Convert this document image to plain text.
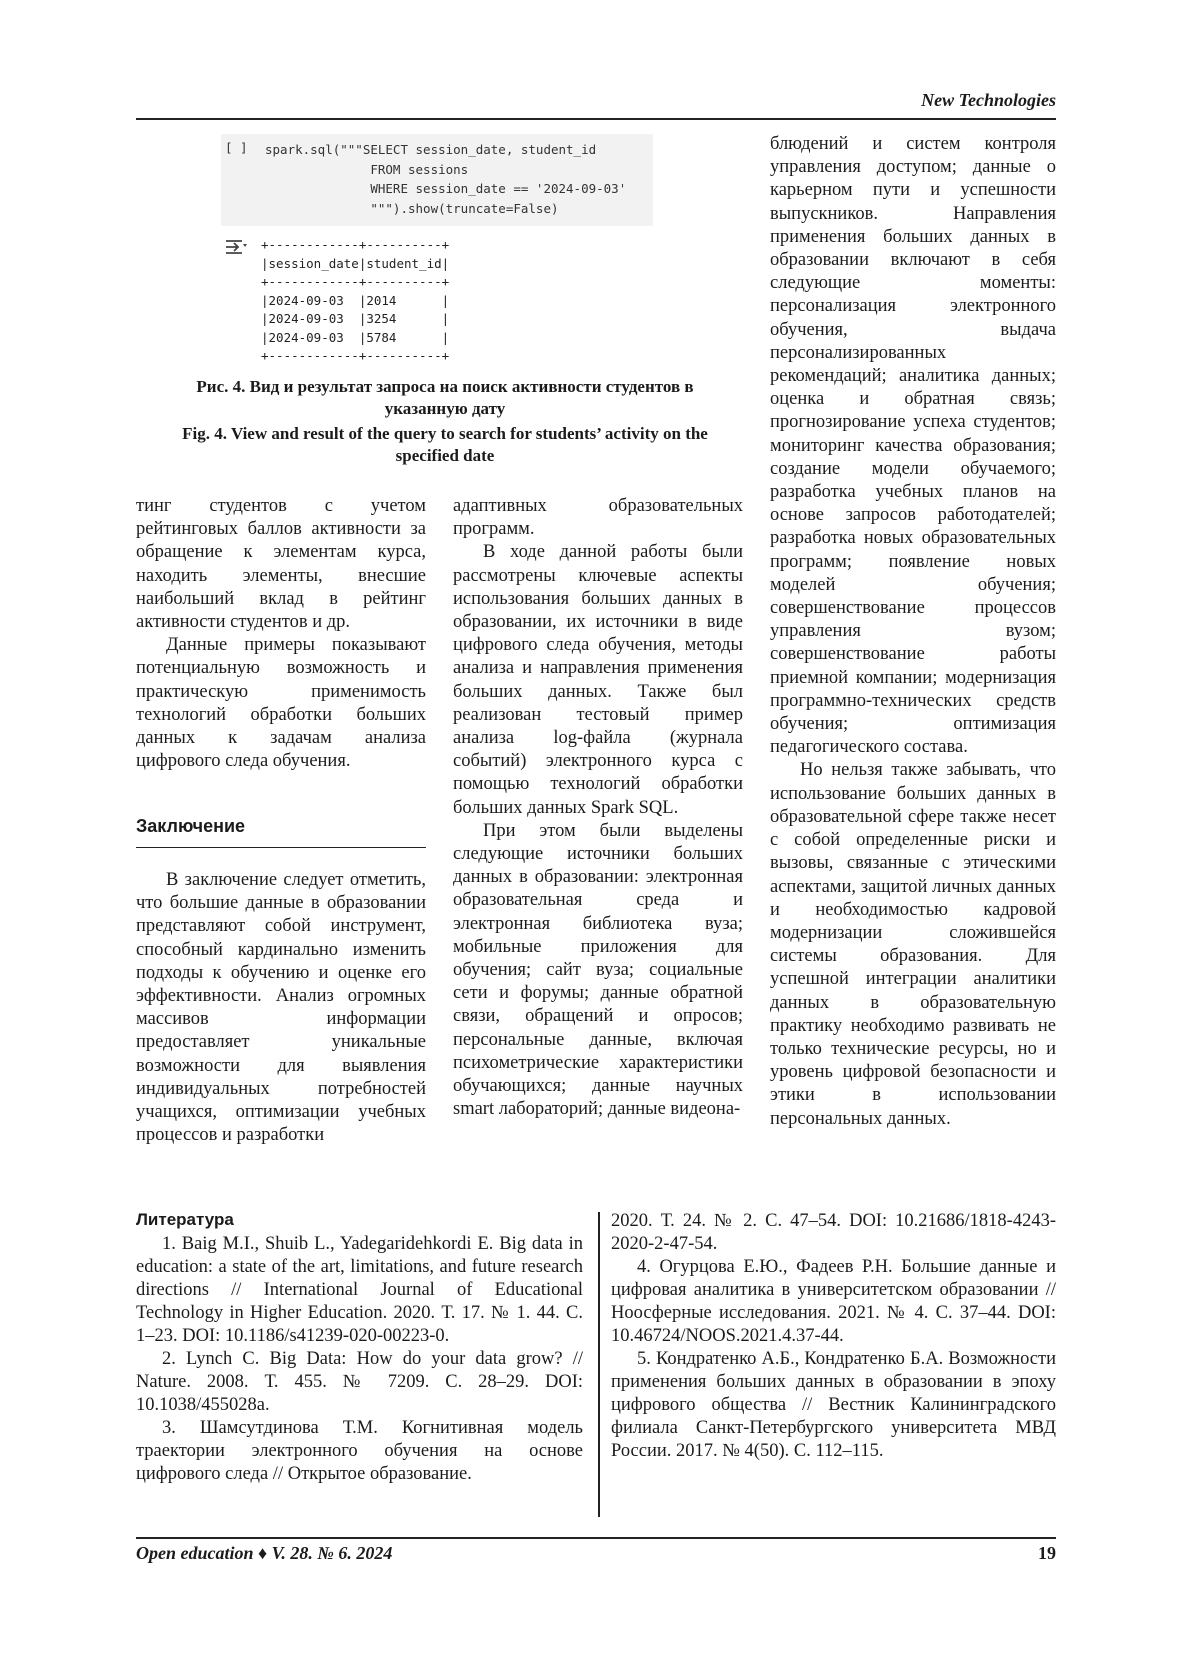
New Technologies
[ ] spark.sql("""SELECT session_date, student_id
FROM sessions
WHERE session_date == '2024-09-03'
""").show(truncate=False)
+------------+----------+
|session_date|student_id|
+------------+----------+
|2024-09-03  |2014      |
|2024-09-03  |3254      |
|2024-09-03  |5784      |
+------------+----------+
Рис. 4. Вид и результат запроса на поиск активности студентов в
указанную дату
Fig. 4. View and result of the query to search for students’ activity on the
specified date

тинг студентов с учетом рейтинговых баллов активности за обращение к элементам курса, находить элементы, внесшие наибольший вклад в рейтинг активности студентов и др.

Данные примеры показывают потенциальную возможность и практическую применимость технологий обработки больших данных к задачам анализа цифрового следа обучения.

Заключение

В заключение следует отметить, что большие данные в образовании представляют собой инструмент, способный кардинально изменить подходы к обучению и оценке его эффективности. Анализ огромных массивов информации предоставляет уникальные возможности для выявления индивидуальных потребностей учащихся, оптимизации учебных процессов и разработки

адаптивных образовательных программ.

В ходе данной работы были рассмотрены ключевые аспекты использования больших данных в образовании, их источники в виде цифрового следа обучения, методы анализа и направления применения больших данных. Также был реализован тестовый пример анализа log-файла (журнала событий) электронного курса с помощью технологий обработки больших данных Spark SQL.

При этом были выделены следующие источники больших данных в образовании: электронная образовательная среда и электронная библиотека вуза; мобильные приложения для обучения; сайт вуза; социальные сети и форумы; данные обратной связи, обращений и опросов; персональные данные, включая психометрические характеристики обучающихся; данные научных smart лабораторий; данные видеона-

блюдений и систем контроля управления доступом; данные о карьерном пути и успешности выпускников. Направления применения больших данных в образовании включают в себя следующие моменты: персонализация электронного обучения, выдача персонализированных рекомендаций; аналитика данных; оценка и обратная связь; прогнозирование успеха студентов; мониторинг качества образования; создание модели обучаемого; разработка учебных планов на основе запросов работодателей; разработка новых образовательных программ; появление новых моделей обучения; совершенствование процессов управления вузом; совершенствование работы приемной компании; модернизация программно-технических средств обучения; оптимизация педагогического состава.

Но нельзя также забывать, что использование больших данных в образовательной сфере также несет с собой определенные риски и вызовы, связанные с этическими аспектами, защитой личных данных и необходимостью кадровой модернизации сложившейся системы образования. Для успешной интеграции аналитики данных в образовательную практику необходимо развивать не только технические ресурсы, но и уровень цифровой безопасности и этики в использовании персональных данных.

Литература

1. Baig M.I., Shuib L., Yadegaridehkordi E. Big data in education: a state of the art, limitations, and future research directions // International Journal of Educational Technology in Higher Education. 2020. Т. 17. № 1. 44. С. 1–23. DOI: 10.1186/s41239-020-00223-0.

2. Lynch C. Big Data: How do your data grow? // Nature. 2008. Т. 455. № 7209. С. 28–29. DOI: 10.1038/455028a.

3. Шамсутдинова Т.М. Когнитивная модель траектории электронного обучения на основе цифрового следа // Открытое образование.

2020. Т. 24. № 2. С. 47–54. DOI: 10.21686/1818-4243-2020-2-47-54.

4. Огурцова Е.Ю., Фадеев Р.Н. Большие данные и цифровая аналитика в университетском образовании // Ноосферные исследования. 2021. № 4. С. 37–44. DOI: 10.46724/NOOS.2021.4.37-44.

5. Кондратенко А.Б., Кондратенко Б.А. Возможности применения больших данных в образовании в эпоху цифрового общества // Вестник Калининградского филиала Санкт-Петербургского университета МВД России. 2017. № 4(50). С. 112–115.

Open education ♦ V. 28. № 6. 2024	19
